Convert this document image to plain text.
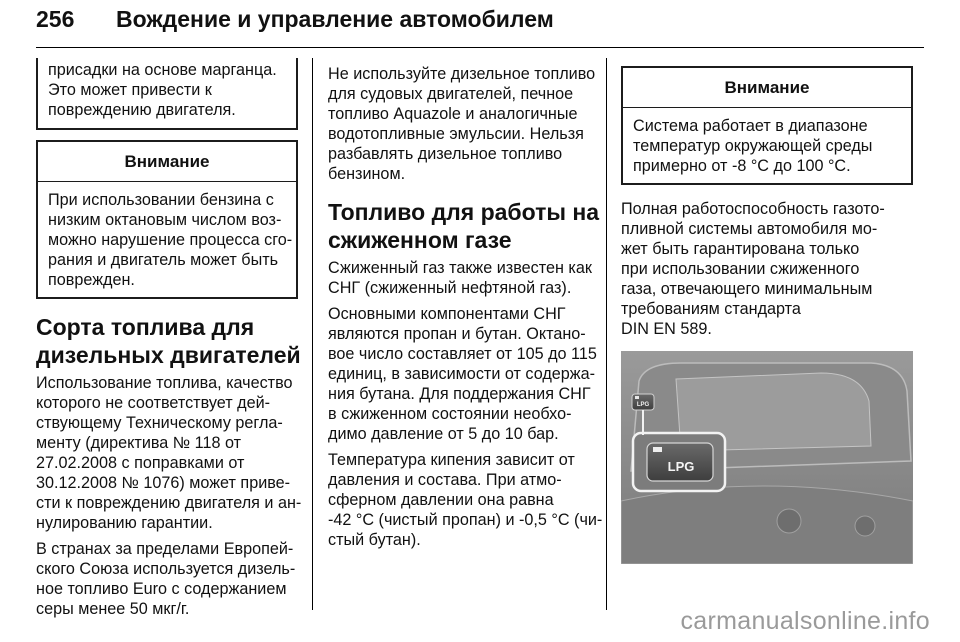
256 Вождение и управление автомобилем
присадки на основе марганца.
Это может привести к
повреждению двигателя.
Внимание
При использовании бензина с
низким октановым числом воз-
можно нарушение процесса сго-
рания и двигатель может быть
поврежден.
Сорта топлива для
дизельных двигателей

Использование топлива, качество
которого не соответствует дей-
ствующему Техническому регла-
менту (директива № 118 от
27.02.2008 с поправками от
30.12.2008 № 1076) может приве-
сти к повреждению двигателя и ан-
нулированию гарантии.

В странах за пределами Европей-
ского Союза используется дизель-
ное топливо Euro с содержанием
серы менее 50 мкг/г.

Не используйте дизельное топливо
для судовых двигателей, печное
топливо Aquazole и аналогичные
водотопливные эмульсии. Нельзя
разбавлять дизельное топливо
бензином.

Топливо для работы на
сжиженном газе

Сжиженный газ также известен как
СНГ (сжиженный нефтяной газ).

Основными компонентами СНГ
являются пропан и бутан. Октано-
вое число составляет от 105 до 115
единиц, в зависимости от содержа-
ния бутана. Для поддержания СНГ
в сжиженном состоянии необхо-
димо давление от 5 до 10 бар.

Температура кипения зависит от
давления и состава. При атмо-
сферном давлении она равна
-42 °C (чистый пропан) и -0,5 °C (чи-
стый бутан).

Внимание
Система работает в диапазоне
температур окружающей среды
примерно от -8 °C до 100 °C.

Полная работоспособность газото-
пливной системы автомобиля мо-
жет быть гарантирована только
при использовании сжиженного
газа, отвечающего минимальным
требованиям стандарта
DIN EN 589.

LPG
LPG
carmanualsonline.info
